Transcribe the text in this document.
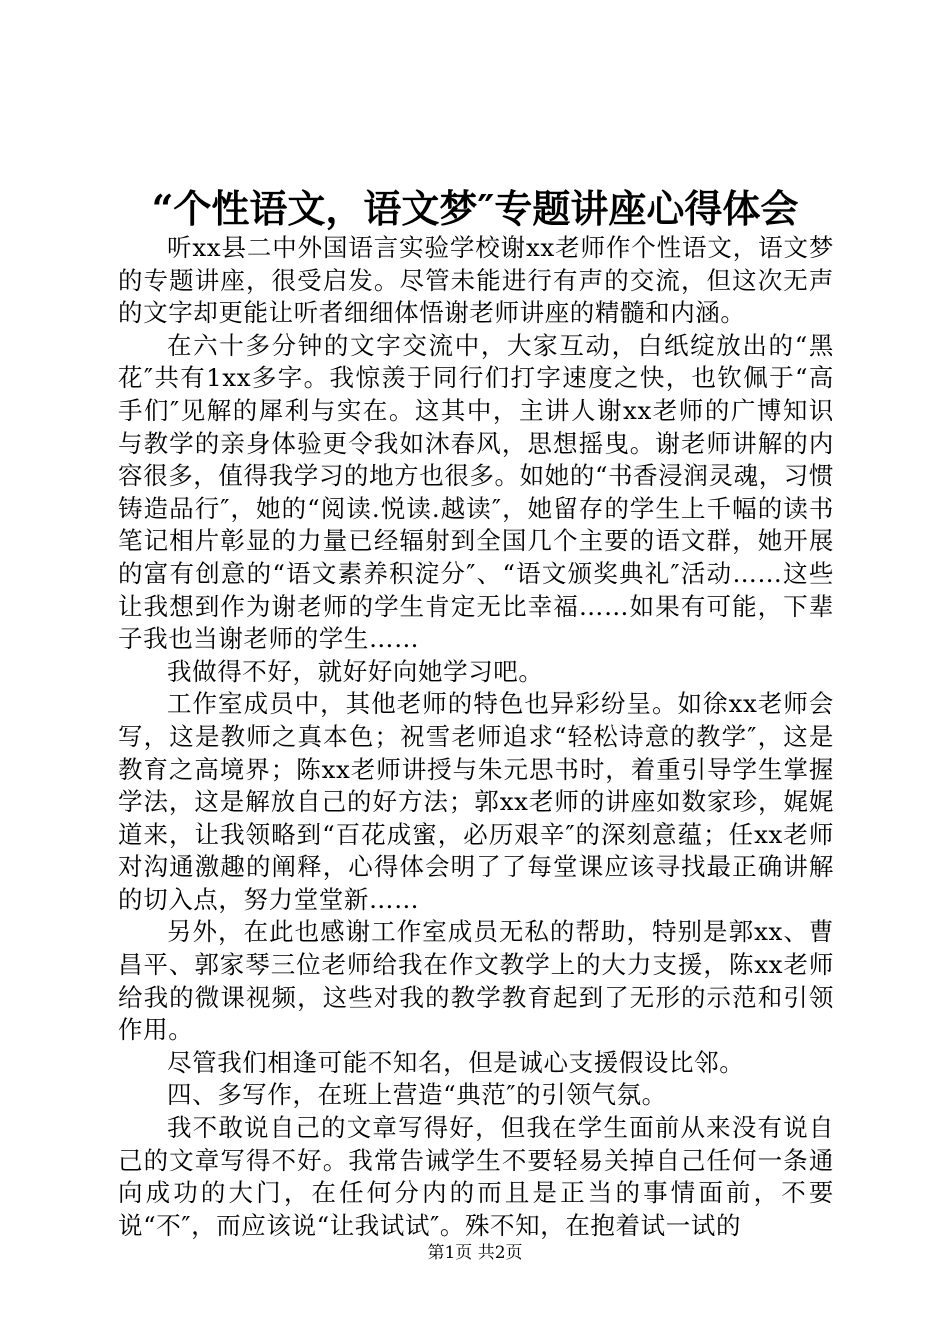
“个性语文，语文梦″专题讲座心得体会

听xx县二中外国语言实验学校谢xx老师作个性语文，语文梦的专题讲座，很受启发。尽管未能进行有声的交流，但这次无声的文字却更能让听者细细体悟谢老师讲座的精髓和内涵。

在六十多分钟的文字交流中，大家互动，白纸绽放出的“黑花″共有1xx多字。我惊羡于同行们打字速度之快，也钦佩于“高手们″见解的犀利与实在。这其中，主讲人谢xx老师的广博知识与教学的亲身体验更令我如沐春风，思想摇曳。谢老师讲解的内容很多，值得我学习的地方也很多。如她的“书香浸润灵魂，习惯铸造品行″，她的“阅读.悦读.越读″，她留存的学生上千幅的读书笔记相片彰显的力量已经辐射到全国几个主要的语文群，她开展的富有创意的“语文素养积淀分″、“语文颁奖典礼″活动……这些让我想到作为谢老师的学生肯定无比幸福……如果有可能，下辈子我也当谢老师的学生……

我做得不好，就好好向她学习吧。

工作室成员中，其他老师的特色也异彩纷呈。如徐xx老师会写，这是教师之真本色；祝雪老师追求“轻松诗意的教学″，这是教育之高境界；陈xx老师讲授与朱元思书时，着重引导学生掌握学法，这是解放自己的好方法；郭xx老师的讲座如数家珍，娓娓道来，让我领略到“百花成蜜，必历艰辛″的深刻意蕴；任xx老师对沟通激趣的阐释，心得体会明了了每堂课应该寻找最正确讲解的切入点，努力堂堂新……

另外，在此也感谢工作室成员无私的帮助，特别是郭xx、曹昌平、郭家琴三位老师给我在作文教学上的大力支援，陈xx老师给我的微课视频，这些对我的教学教育起到了无形的示范和引领作用。

尽管我们相逢可能不知名，但是诚心支援假设比邻。

四、多写作，在班上营造“典范″的引领气氛。

我不敢说自己的文章写得好，但我在学生面前从来没有说自己的文章写得不好。我常告诫学生不要轻易关掉自己任何一条通向成功的大门，在任何分内的而且是正当的事情面前，不要说“不″，而应该说“让我试试″。殊不知，在抱着试一试的

第1页 共2页
